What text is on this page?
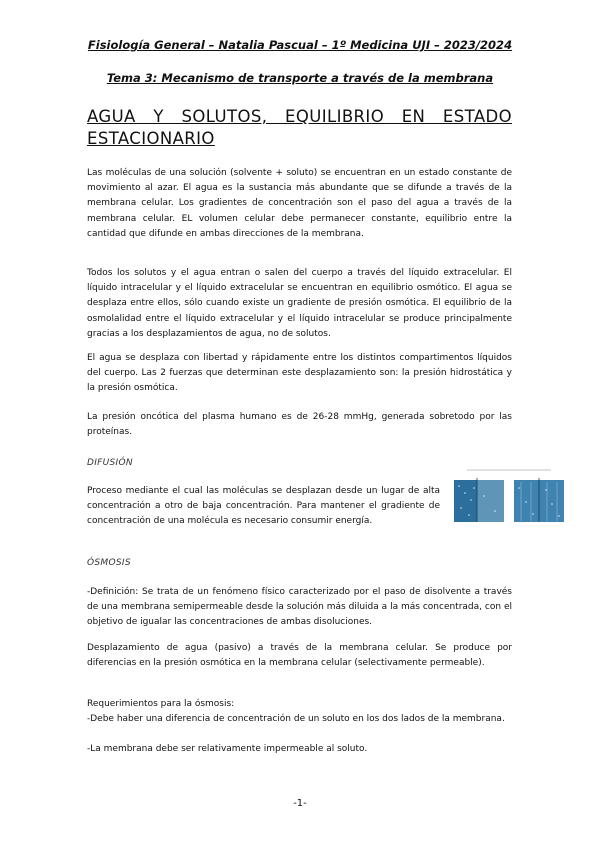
Fisiología General – Natalia Pascual – 1º Medicina UJI – 2023/2024
Tema 3: Mecanismo de transporte a través de la membrana
AGUA Y SOLUTOS, EQUILIBRIO EN ESTADO ESTACIONARIO

Las moléculas de una solución (solvente + soluto) se encuentran en un estado constante de movimiento al azar. El agua es la sustancia más abundante que se difunde a través de la membrana celular. Los gradientes de concentración son el paso del agua a través de la membrana celular. EL volumen celular debe permanecer constante, equilibrio entre la cantidad que difunde en ambas direcciones de la membrana.

Todos los solutos y el agua entran o salen del cuerpo a través del líquido extracelular. El líquido intracelular y el líquido extracelular se encuentran en equilibrio osmótico. El agua se desplaza entre ellos, sólo cuando existe un gradiente de presión osmótica. El equilibrio de la osmolalidad entre el líquido extracelular y el líquido intracelular se produce principalmente gracias a los desplazamientos de agua, no de solutos.

El agua se desplaza con libertad y rápidamente entre los distintos compartimentos líquidos del cuerpo. Las 2 fuerzas que determinan este desplazamiento son: la presión hidrostática y la presión osmótica.

La presión oncótica del plasma humano es de 26-28 mmHg, generada sobretodo por las proteínas.

DIFUSIÓN

Proceso mediante el cual las moléculas se desplazan desde un lugar de alta concentración a otro de baja concentración. Para mantener el gradiente de concentración de una molécula es necesario consumir energía.

ÓSMOSIS

-Definición: Se trata de un fenómeno físico caracterizado por el paso de disolvente a través de una membrana semipermeable desde la solución más diluida a la más concentrada, con el objetivo de igualar las concentraciones de ambas disoluciones.

Desplazamiento de agua (pasivo) a través de la membrana celular. Se produce por diferencias en la presión osmótica en la membrana celular (selectivamente permeable).

Requerimientos para la ósmosis:

-Debe haber una diferencia de concentración de un soluto en los dos lados de la membrana.

-La membrana debe ser relativamente impermeable al soluto.

-1-
